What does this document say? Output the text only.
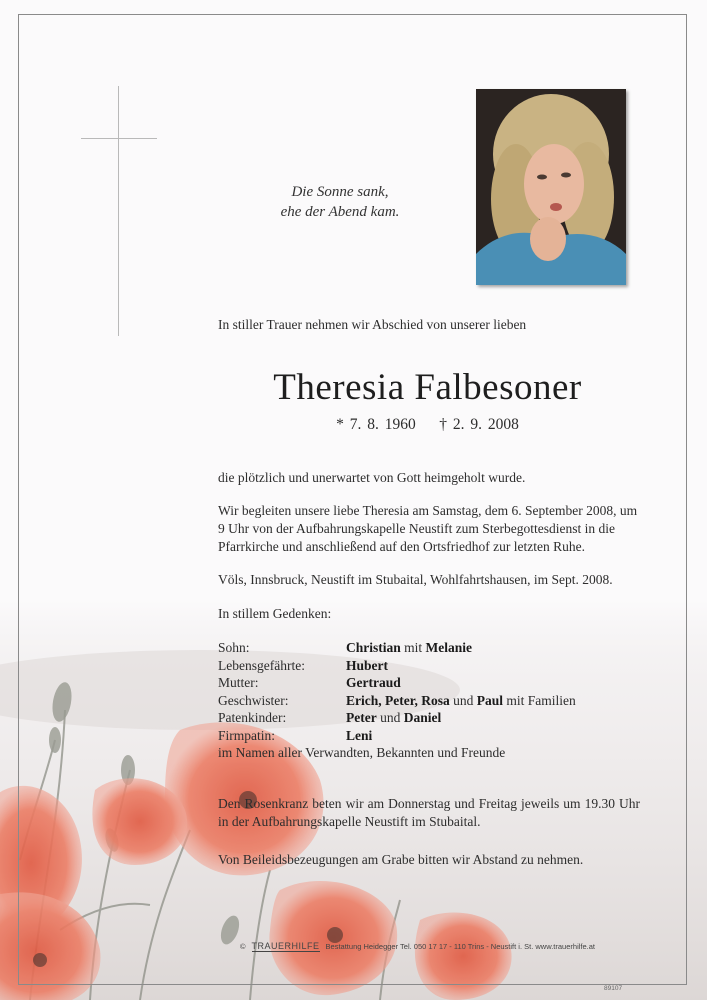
Die Sonne sank,
ehe der Abend kam.
In stiller Trauer nehmen wir Abschied von unserer lieben
Theresia Falbesoner
* 7. 8. 1960    † 2. 9. 2008
die plötzlich und unerwartet von Gott heimgeholt wurde.
Wir begleiten unsere liebe Theresia am Samstag, dem 6. September 2008, um 9 Uhr von der Aufbahrungskapelle Neustift zum Sterbegottesdienst in die Pfarrkirche und anschließend auf den Ortsfriedhof zur letzten Ruhe.
Völs, Innsbruck, Neustift im Stubaital, Wohlfahrtshausen, im Sept. 2008.
In stillem Gedenken:
Sohn:	Christian mit Melanie
Lebensgefährte:	Hubert
Mutter:	Gertraud
Geschwister:	Erich, Peter, Rosa und Paul mit Familien
Patenkinder:	Peter und Daniel
Firmpatin:	Leni
im Namen aller Verwandten, Bekannten und Freunde
Den Rosenkranz beten wir am Donnerstag und Freitag jeweils um 19.30 Uhr in der Aufbahrungskapelle Neustift im Stubaital.
Von Beileidsbezeugungen am Grabe bitten wir Abstand zu nehmen.
© TRAUERHILFE Bestattung Heidegger Tel. 050 17 17 - 110 Trins - Neustift i. St. www.trauerhilfe.at
89107
